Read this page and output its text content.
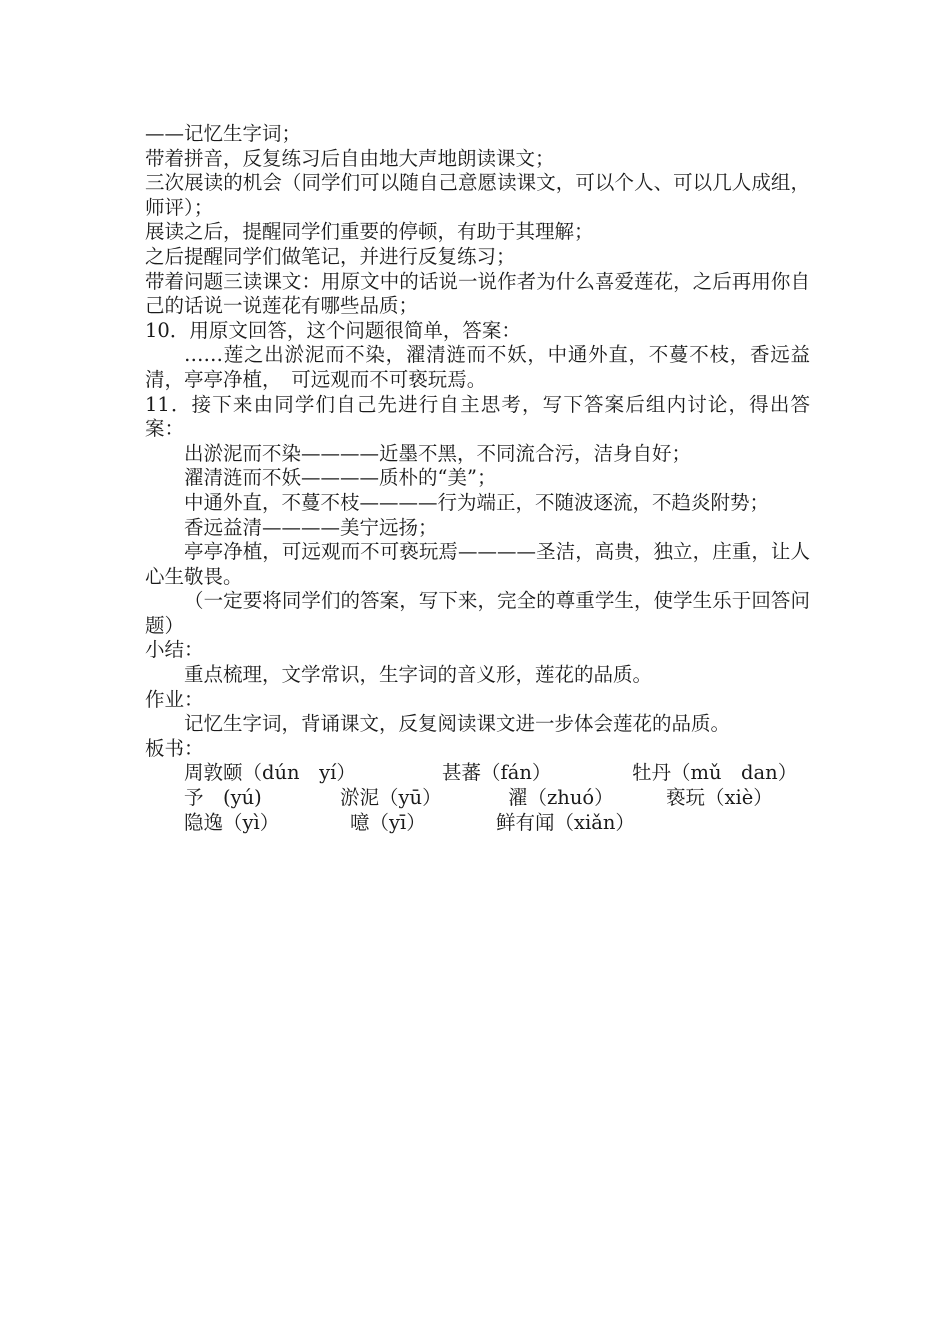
——记忆生字词；

带着拼音，反复练习后自由地大声地朗读课文；

三次展读的机会（同学们可以随自己意愿读课文，可以个人、可以几人成组，师评）；

展读之后，提醒同学们重要的停顿，有助于其理解；

之后提醒同学们做笔记，并进行反复练习；

带着问题三读课文：用原文中的话说一说作者为什么喜爱莲花，之后再用你自己的话说一说莲花有哪些品质；

10．用原文回答，这个问题很简单，答案：

……莲之出淤泥而不染，濯清涟而不妖，中通外直，不蔓不枝，香远益清，亭亭净植，　可远观而不可亵玩焉。

11．接下来由同学们自己先进行自主思考，写下答案后组内讨论，得出答案：

出淤泥而不染————近墨不黑，不同流合污，洁身自好；

濯清涟而不妖————质朴的“美”；

中通外直，不蔓不枝————行为端正，不随波逐流，不趋炎附势；

香远益清————美宁远扬；

亭亭净植，可远观而不可亵玩焉————圣洁，高贵，独立，庄重，让人心生敬畏。

（一定要将同学们的答案，写下来，完全的尊重学生，使学生乐于回答问题）

小结：

重点梳理，文学常识，生字词的音义形，莲花的品质。

作业：

记忆生字词，背诵课文，反复阅读课文进一步体会莲花的品质。

板书：

周敦颐（dún　yí）	甚蕃（fán）	牡丹（mǔ　dan）
予　(yú)	淤泥（yū）	濯（zhuó）	亵玩（xiè）
隐逸（yì）	噫（yī）	鲜有闻（xiǎn）
